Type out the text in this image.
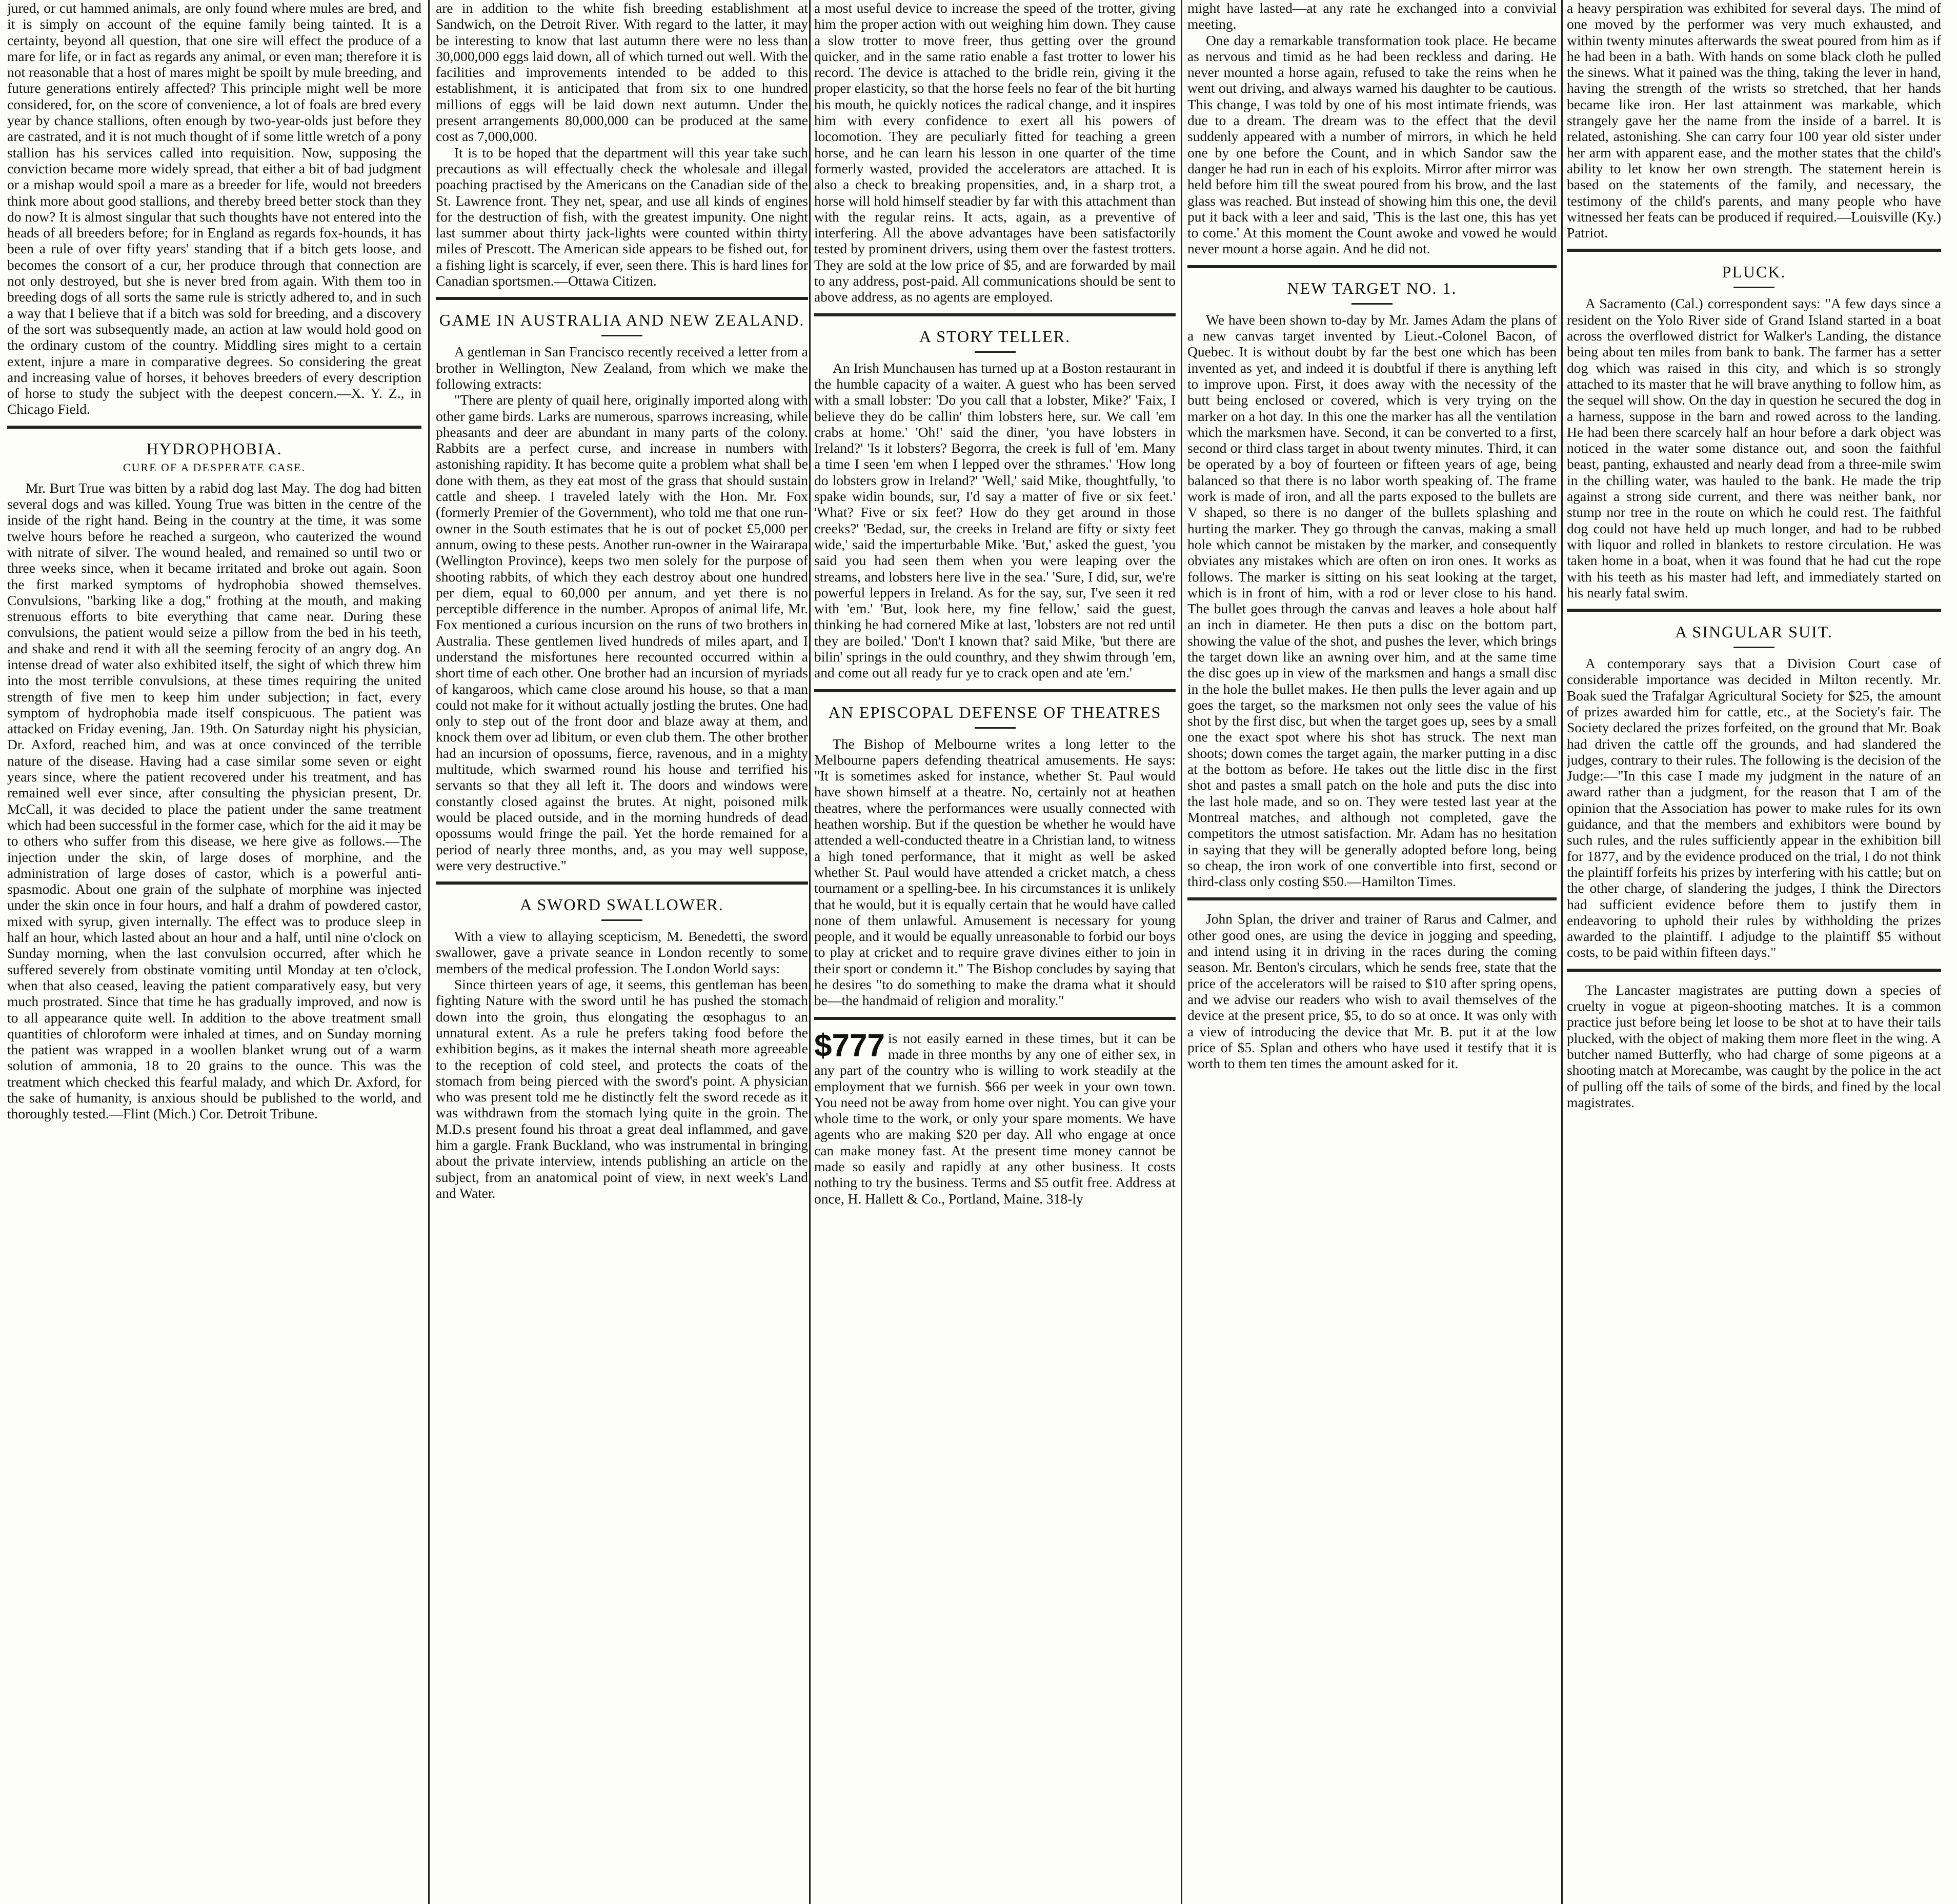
jured, or cut hammed animals, are only found where mules are bred, and it is simply on account of the equine family being tainted. It is a certainty, beyond all question, that one sire will effect the produce of a mare for life, or in fact as regards any animal, or even man; therefore it is not reasonable that a host of mares might be spoilt by mule breeding, and future generations entirely affected? This principle might well be more considered, for, on the score of convenience, a lot of foals are bred every year by chance stallions, often enough by two-year-olds just before they are castrated, and it is not much thought of if some little wretch of a pony stallion has his services called into requisition. Now, supposing the conviction became more widely spread, that either a bit of bad judgment or a mishap would spoil a mare as a breeder for life, would not breeders think more about good stallions, and thereby breed better stock than they do now? It is almost singular that such thoughts have not entered into the heads of all breeders before; for in England as regards fox-hounds, it has been a rule of over fifty years' standing that if a bitch gets loose, and becomes the consort of a cur, her produce through that connection are not only destroyed, but she is never bred from again. With them too in breeding dogs of all sorts the same rule is strictly adhered to, and in such a way that I believe that if a bitch was sold for breeding, and a discovery of the sort was subsequently made, an action at law would hold good on the ordinary custom of the country. Middling sires might to a certain extent, injure a mare in comparative degrees. So considering the great and increasing value of horses, it behoves breeders of every description of horse to study the subject with the deepest concern.—X. Y. Z., in Chicago Field.

HYDROPHOBIA.
CURE OF A DESPERATE CASE.

Mr. Burt True was bitten by a rabid dog last May. The dog had bitten several dogs and was killed. Young True was bitten in the centre of the inside of the right hand. Being in the country at the time, it was some twelve hours before he reached a surgeon, who cauterized the wound with nitrate of silver. The wound healed, and remained so until two or three weeks since, when it became irritated and broke out again. Soon the first marked symptoms of hydrophobia showed themselves. Convulsions, "barking like a dog," frothing at the mouth, and making strenuous efforts to bite everything that came near. During these convulsions, the patient would seize a pillow from the bed in his teeth, and shake and rend it with all the seeming ferocity of an angry dog. An intense dread of water also exhibited itself, the sight of which threw him into the most terrible convulsions, at these times requiring the united strength of five men to keep him under subjection; in fact, every symptom of hydrophobia made itself conspicuous. The patient was attacked on Friday evening, Jan. 19th. On Saturday night his physician, Dr. Axford, reached him, and was at once convinced of the terrible nature of the disease. Having had a case similar some seven or eight years since, where the patient recovered under his treatment, and has remained well ever since, after consulting the physician present, Dr. McCall, it was decided to place the patient under the same treatment which had been successful in the former case, which for the aid it may be to others who suffer from this disease, we here give as follows.—The injection under the skin, of large doses of morphine, and the administration of large doses of castor, which is a powerful anti-spasmodic. About one grain of the sulphate of morphine was injected under the skin once in four hours, and half a drahm of powdered castor, mixed with syrup, given internally. The effect was to produce sleep in half an hour, which lasted about an hour and a half, until nine o'clock on Sunday morning, when the last convulsion occurred, after which he suffered severely from obstinate vomiting until Monday at ten o'clock, when that also ceased, leaving the patient comparatively easy, but very much prostrated. Since that time he has gradually improved, and now is to all appearance quite well. In addition to the above treatment small quantities of chloroform were inhaled at times, and on Sunday morning the patient was wrapped in a woollen blanket wrung out of a warm solution of ammonia, 18 to 20 grains to the ounce. This was the treatment which checked this fearful malady, and which Dr. Axford, for the sake of humanity, is anxious should be published to the world, and thoroughly tested.—Flint (Mich.) Cor. Detroit Tribune.

are in addition to the white fish breeding establishment at Sandwich, on the Detroit River. With regard to the latter, it may be interesting to know that last autumn there were no less than 30,000,000 eggs laid down, all of which turned out well. With the facilities and improvements intended to be added to this establishment, it is anticipated that from six to one hundred millions of eggs will be laid down next autumn. Under the present arrangements 80,000,000 can be produced at the same cost as 7,000,000.

It is to be hoped that the department will this year take such precautions as will effectually check the wholesale and illegal poaching practised by the Americans on the Canadian side of the St. Lawrence front. They net, spear, and use all kinds of engines for the destruction of fish, with the greatest impunity. One night last summer about thirty jack-lights were counted within thirty miles of Prescott. The American side appears to be fished out, for a fishing light is scarcely, if ever, seen there. This is hard lines for Canadian sportsmen.—Ottawa Citizen.

GAME IN AUSTRALIA AND NEW ZEALAND.

A gentleman in San Francisco recently received a letter from a brother in Wellington, New Zealand, from which we make the following extracts:

"There are plenty of quail here, originally imported along with other game birds. Larks are numerous, sparrows increasing, while pheasants and deer are abundant in many parts of the colony. Rabbits are a perfect curse, and increase in numbers with astonishing rapidity. It has become quite a problem what shall be done with them, as they eat most of the grass that should sustain cattle and sheep. I traveled lately with the Hon. Mr. Fox (formerly Premier of the Government), who told me that one run-owner in the South estimates that he is out of pocket £5,000 per annum, owing to these pests. Another run-owner in the Wairarapa (Wellington Province), keeps two men solely for the purpose of shooting rabbits, of which they each destroy about one hundred per diem, equal to 60,000 per annum, and yet there is no perceptible difference in the number. Apropos of animal life, Mr. Fox mentioned a curious incursion on the runs of two brothers in Australia. These gentlemen lived hundreds of miles apart, and I understand the misfortunes here recounted occurred within a short time of each other. One brother had an incursion of myriads of kangaroos, which came close around his house, so that a man could not make for it without actually jostling the brutes. One had only to step out of the front door and blaze away at them, and knock them over ad libitum, or even club them. The other brother had an incursion of opossums, fierce, ravenous, and in a mighty multitude, which swarmed round his house and terrified his servants so that they all left it. The doors and windows were constantly closed against the brutes. At night, poisoned milk would be placed outside, and in the morning hundreds of dead opossums would fringe the pail. Yet the horde remained for a period of nearly three months, and, as you may well suppose, were very destructive."

A SWORD SWALLOWER.

With a view to allaying scepticism, M. Benedetti, the sword swallower, gave a private seance in London recently to some members of the medical profession. The London World says:

Since thirteen years of age, it seems, this gentleman has been fighting Nature with the sword until he has pushed the stomach down into the groin, thus elongating the œsophagus to an unnatural extent. As a rule he prefers taking food before the exhibition begins, as it makes the internal sheath more agreeable to the reception of cold steel, and protects the coats of the stomach from being pierced with the sword's point. A physician who was present told me he distinctly felt the sword recede as it was withdrawn from the stomach lying quite in the groin. The M.D.s present found his throat a great deal inflammed, and gave him a gargle. Frank Buckland, who was instrumental in bringing about the private interview, intends publishing an article on the subject, from an anatomical point of view, in next week's Land and Water.

a most useful device to increase the speed of the trotter, giving him the proper action with out weighing him down. They cause a slow trotter to move freer, thus getting over the ground quicker, and in the same ratio enable a fast trotter to lower his record. The device is attached to the bridle rein, giving it the proper elasticity, so that the horse feels no fear of the bit hurting his mouth, he quickly notices the radical change, and it inspires him with every confidence to exert all his powers of locomotion. They are peculiarly fitted for teaching a green horse, and he can learn his lesson in one quarter of the time formerly wasted, provided the accelerators are attached. It is also a check to breaking propensities, and, in a sharp trot, a horse will hold himself steadier by far with this attachment than with the regular reins. It acts, again, as a preventive of interfering. All the above advantages have been satisfactorily tested by prominent drivers, using them over the fastest trotters. They are sold at the low price of $5, and are forwarded by mail to any address, post-paid. All communications should be sent to above address, as no agents are employed.

A STORY TELLER.

An Irish Munchausen has turned up at a Boston restaurant in the humble capacity of a waiter. A guest who has been served with a small lobster: 'Do you call that a lobster, Mike?' 'Faix, I believe they do be callin' thim lobsters here, sur. We call 'em crabs at home.' 'Oh!' said the diner, 'you have lobsters in Ireland?' 'Is it lobsters? Begorra, the creek is full of 'em. Many a time I seen 'em when I lepped over the sthrames.' 'How long do lobsters grow in Ireland?' 'Well,' said Mike, thoughtfully, 'to spake widin bounds, sur, I'd say a matter of five or six feet.' 'What? Five or six feet? How do they get around in those creeks?' 'Bedad, sur, the creeks in Ireland are fifty or sixty feet wide,' said the imperturbable Mike. 'But,' asked the guest, 'you said you had seen them when you were leaping over the streams, and lobsters here live in the sea.' 'Sure, I did, sur, we're powerful leppers in Ireland. As for the say, sur, I've seen it red with 'em.' 'But, look here, my fine fellow,' said the guest, thinking he had cornered Mike at last, 'lobsters are not red until they are boiled.' 'Don't I known that? said Mike, 'but there are bilin' springs in the ould counthry, and they shwim through 'em, and come out all ready fur ye to crack open and ate 'em.'

AN EPISCOPAL DEFENSE OF THEATRES

The Bishop of Melbourne writes a long letter to the Melbourne papers defending theatrical amusements. He says: "It is sometimes asked for instance, whether St. Paul would have shown himself at a theatre. No, certainly not at heathen theatres, where the performances were usually connected with heathen worship. But if the question be whether he would have attended a well-conducted theatre in a Christian land, to witness a high toned performance, that it might as well be asked whether St. Paul would have attended a cricket match, a chess tournament or a spelling-bee. In his circumstances it is unlikely that he would, but it is equally certain that he would have called none of them unlawful. Amusement is necessary for young people, and it would be equally unreasonable to forbid our boys to play at cricket and to require grave divines either to join in their sport or condemn it." The Bishop concludes by saying that he desires "to do something to make the drama what it should be—the handmaid of religion and morality."

$777 is not easily earned in these times, but it can be made in three months by any one of either sex, in any part of the country who is willing to work steadily at the employment that we furnish. $66 per week in your own town. You need not be away from home over night. You can give your whole time to the work, or only your spare moments. We have agents who are making $20 per day. All who engage at once can make money fast. At the present time money cannot be made so easily and rapidly at any other business. It costs nothing to try the business. Terms and $5 outfit free. Address at once, H. Hallett & Co., Portland, Maine. 318-ly

might have lasted—at any rate he exchanged into a convivial meeting.

One day a remarkable transformation took place. He became as nervous and timid as he had been reckless and daring. He never mounted a horse again, refused to take the reins when he went out driving, and always warned his daughter to be cautious. This change, I was told by one of his most intimate friends, was due to a dream. The dream was to the effect that the devil suddenly appeared with a number of mirrors, in which he held one by one before the Count, and in which Sandor saw the danger he had run in each of his exploits. Mirror after mirror was held before him till the sweat poured from his brow, and the last glass was reached. But instead of showing him this one, the devil put it back with a leer and said, 'This is the last one, this has yet to come.' At this moment the Count awoke and vowed he would never mount a horse again. And he did not.

NEW TARGET NO. 1.

We have been shown to-day by Mr. James Adam the plans of a new canvas target invented by Lieut.-Colonel Bacon, of Quebec. It is without doubt by far the best one which has been invented as yet, and indeed it is doubtful if there is anything left to improve upon. First, it does away with the necessity of the butt being enclosed or covered, which is very trying on the marker on a hot day. In this one the marker has all the ventilation which the marksmen have. Second, it can be converted to a first, second or third class target in about twenty minutes. Third, it can be operated by a boy of fourteen or fifteen years of age, being balanced so that there is no labor worth speaking of. The frame work is made of iron, and all the parts exposed to the bullets are V shaped, so there is no danger of the bullets splashing and hurting the marker. They go through the canvas, making a small hole which cannot be mistaken by the marker, and consequently obviates any mistakes which are often on iron ones. It works as follows. The marker is sitting on his seat looking at the target, which is in front of him, with a rod or lever close to his hand. The bullet goes through the canvas and leaves a hole about half an inch in diameter. He then puts a disc on the bottom part, showing the value of the shot, and pushes the lever, which brings the target down like an awning over him, and at the same time the disc goes up in view of the marksmen and hangs a small disc in the hole the bullet makes. He then pulls the lever again and up goes the target, so the marksmen not only sees the value of his shot by the first disc, but when the target goes up, sees by a small one the exact spot where his shot has struck. The next man shoots; down comes the target again, the marker putting in a disc at the bottom as before. He takes out the little disc in the first shot and pastes a small patch on the hole and puts the disc into the last hole made, and so on. They were tested last year at the Montreal matches, and although not completed, gave the competitors the utmost satisfaction. Mr. Adam has no hesitation in saying that they will be generally adopted before long, being so cheap, the iron work of one convertible into first, second or third-class only costing $50.—Hamilton Times.

John Splan, the driver and trainer of Rarus and Calmer, and other good ones, are using the device in jogging and speeding, and intend using it in driving in the races during the coming season. Mr. Benton's circulars, which he sends free, state that the price of the accelerators will be raised to $10 after spring opens, and we advise our readers who wish to avail themselves of the device at the present price, $5, to do so at once. It was only with a view of introducing the device that Mr. B. put it at the low price of $5. Splan and others who have used it testify that it is worth to them ten times the amount asked for it.

a heavy perspiration was exhibited for several days. The mind of one moved by the performer was very much exhausted, and within twenty minutes afterwards the sweat poured from him as if he had been in a bath. With hands on some black cloth he pulled the sinews. What it pained was the thing, taking the lever in hand, having the strength of the wrists so stretched, that her hands became like iron. Her last attainment was markable, which strangely gave her the name from the inside of a barrel. It is related, astonishing. She can carry four 100 year old sister under her arm with apparent ease, and the mother states that the child's ability to let know her own strength. The statement herein is based on the statements of the family, and necessary, the testimony of the child's parents, and many people who have witnessed her feats can be produced if required.—Louisville (Ky.) Patriot.

PLUCK.

A Sacramento (Cal.) correspondent says: "A few days since a resident on the Yolo River side of Grand Island started in a boat across the overflowed district for Walker's Landing, the distance being about ten miles from bank to bank. The farmer has a setter dog which was raised in this city, and which is so strongly attached to its master that he will brave anything to follow him, as the sequel will show. On the day in question he secured the dog in a harness, suppose in the barn and rowed across to the landing. He had been there scarcely half an hour before a dark object was noticed in the water some distance out, and soon the faithful beast, panting, exhausted and nearly dead from a three-mile swim in the chilling water, was hauled to the bank. He made the trip against a strong side current, and there was neither bank, nor stump nor tree in the route on which he could rest. The faithful dog could not have held up much longer, and had to be rubbed with liquor and rolled in blankets to restore circulation. He was taken home in a boat, when it was found that he had cut the rope with his teeth as his master had left, and immediately started on his nearly fatal swim.

A SINGULAR SUIT.

A contemporary says that a Division Court case of considerable importance was decided in Milton recently. Mr. Boak sued the Trafalgar Agricultural Society for $25, the amount of prizes awarded him for cattle, etc., at the Society's fair. The Society declared the prizes forfeited, on the ground that Mr. Boak had driven the cattle off the grounds, and had slandered the judges, contrary to their rules. The following is the decision of the Judge:—"In this case I made my judgment in the nature of an award rather than a judgment, for the reason that I am of the opinion that the Association has power to make rules for its own guidance, and that the members and exhibitors were bound by such rules, and the rules sufficiently appear in the exhibition bill for 1877, and by the evidence produced on the trial, I do not think the plaintiff forfeits his prizes by interfering with his cattle; but on the other charge, of slandering the judges, I think the Directors had sufficient evidence before them to justify them in endeavoring to uphold their rules by withholding the prizes awarded to the plaintiff. I adjudge to the plaintiff $5 without costs, to be paid within fifteen days."

The Lancaster magistrates are putting down a species of cruelty in vogue at pigeon-shooting matches. It is a common practice just before being let loose to be shot at to have their tails plucked, with the object of making them more fleet in the wing. A butcher named Butterfly, who had charge of some pigeons at a shooting match at Morecambe, was caught by the police in the act of pulling off the tails of some of the birds, and fined by the local magistrates.
